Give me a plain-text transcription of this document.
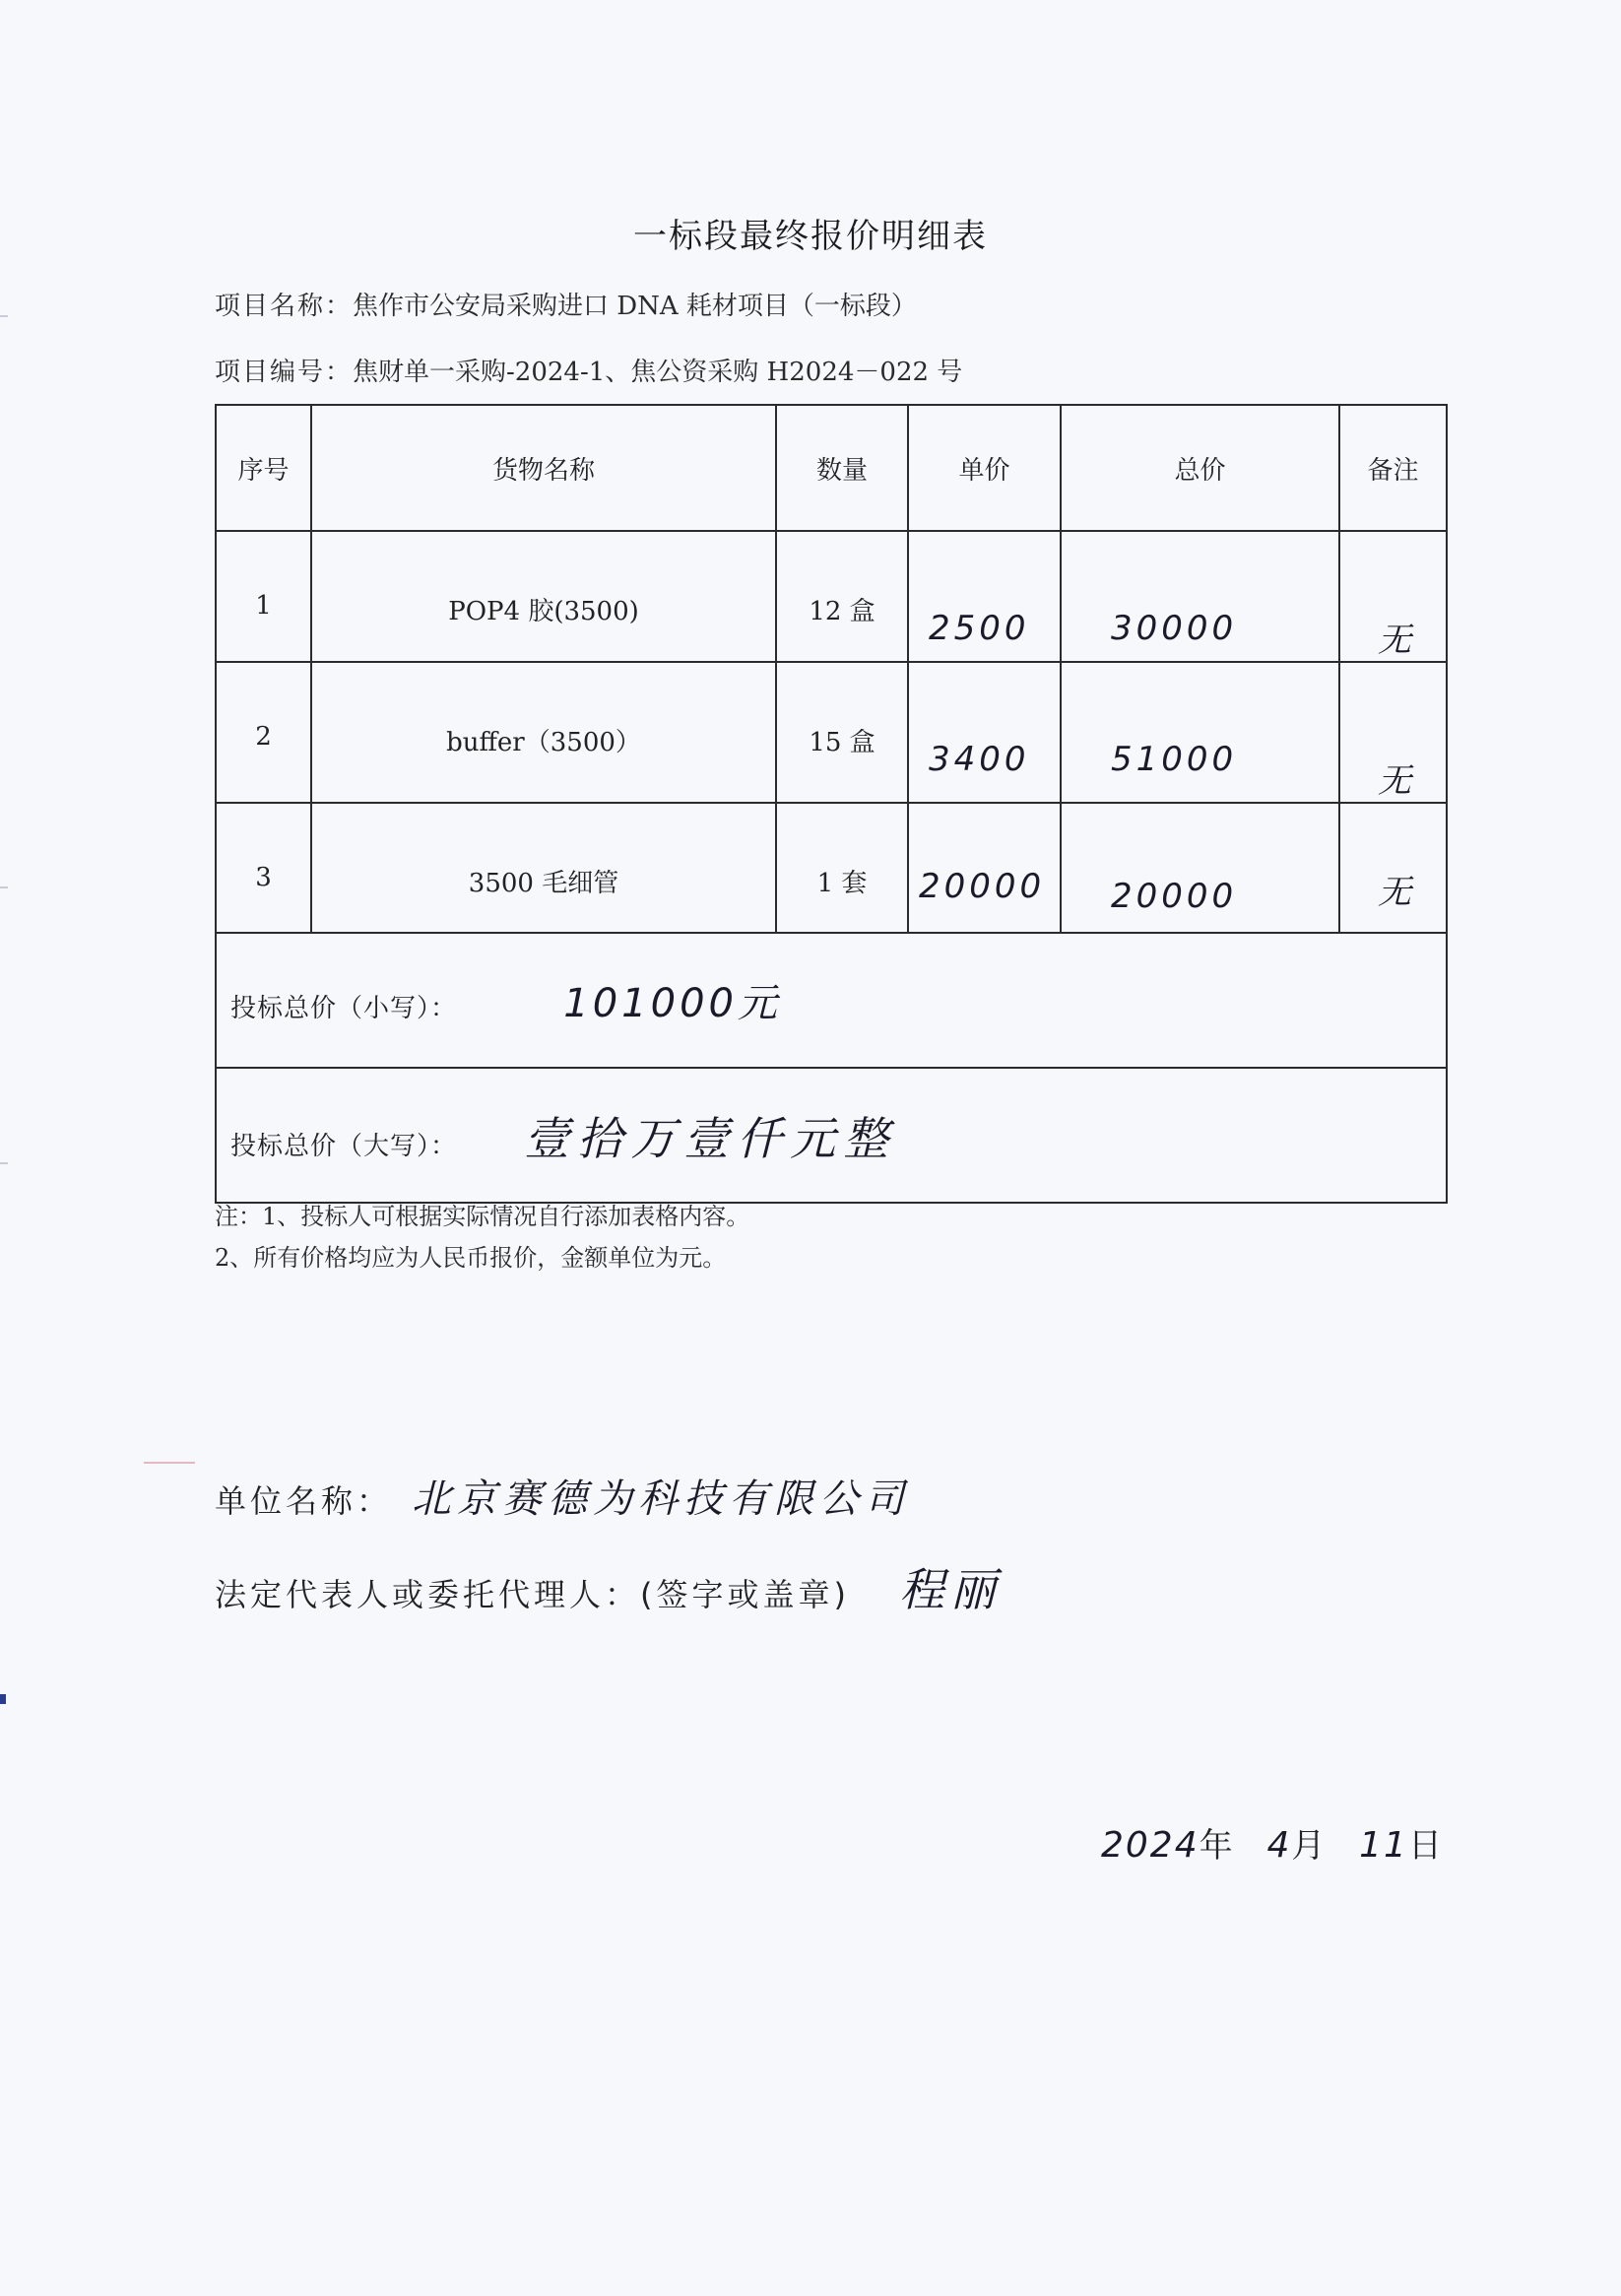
一标段最终报价明细表
项目名称：焦作市公安局采购进口 DNA 耗材项目（一标段）
项目编号：焦财单一采购-2024-1、焦公资采购 H2024－022 号
序号	货物名称	数量	单价	总价	备注
1	POP4 胶(3500)	12 盒	2500	30000	无
2	buffer（3500）	15 盒	3400	51000	无
3	3500 毛细管	1 套	20000	20000	无
投标总价（小写）： 101000元					
投标总价（大写）： 壹拾万壹仟元整					
注：1、投标人可根据实际情况自行添加表格内容。
2、所有价格均应为人民币报价，金额单位为元。
单位名称： 北京赛德为科技有限公司
法定代表人或委托代理人：(签字或盖章) 程丽
2024年 4月 11日
